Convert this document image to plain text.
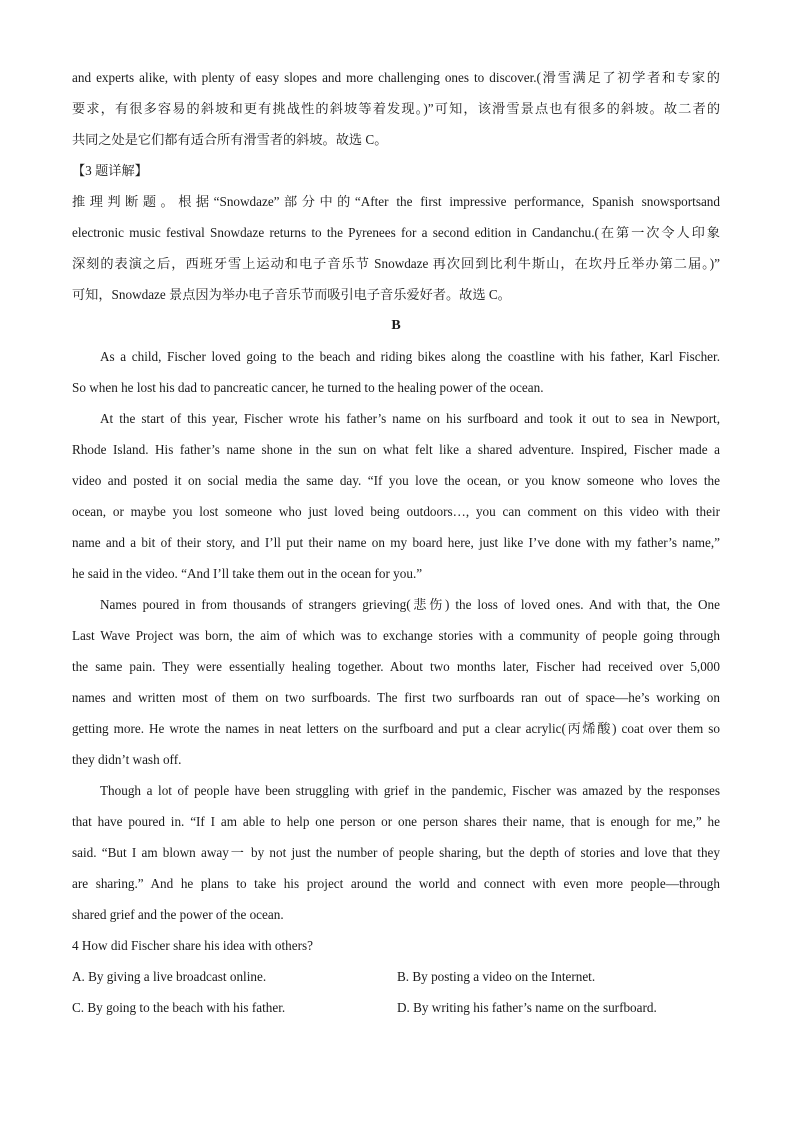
and experts alike, with plenty of easy slopes and more challenging ones to discover.(滑雪满足了初学者和专家的
要求，有很多容易的斜坡和更有挑战性的斜坡等着发现。)”可知，该滑雪景点也有很多的斜坡。故二者的
共同之处是它们都有适合所有滑雪者的斜坡。故选 C。
【3 题详解】
推理判断题。根据“Snowdaze”部分中的“After the first impressive performance, Spanish snowsportsand
electronic music festival Snowdaze returns to the Pyrenees for a second edition in Candanchu.(在第一次令人印象
深刻的表演之后，西班牙雪上运动和电子音乐节 Snowdaze 再次回到比利牛斯山，在坎丹丘举办第二届。)”
可知，Snowdaze 景点因为举办电子音乐节而吸引电子音乐爱好者。故选 C。
B
As a child, Fischer loved going to the beach and riding bikes along the coastline with his father, Karl Fischer.
So when he lost his dad to pancreatic cancer, he turned to the healing power of the ocean.
At the start of this year, Fischer wrote his father’s name on his surfboard and took it out to sea in Newport,
Rhode Island. His father’s name shone in the sun on what felt like a shared adventure. Inspired, Fischer made a
video and posted it on social media the same day. “If you love the ocean, or you know someone who loves the
ocean, or maybe you lost someone who just loved being outdoors…, you can comment on this video with their
name and a bit of their story, and I’ll put their name on my board here, just like I’ve done with my father’s name,”
he said in the video. “And I’ll take them out in the ocean for you.”
Names poured in from thousands of strangers grieving(悲伤) the loss of loved ones. And with that, the One
Last Wave Project was born, the aim of which was to exchange stories with a community of people going through
the same pain. They were essentially healing together. About two months later, Fischer had received over 5,000
names and written most of them on two surfboards. The first two surfboards ran out of space—he’s working on
getting more. He wrote the names in neat letters on the surfboard and put a clear acrylic(丙烯酸) coat over them so
they didn’t wash off.
Though a lot of people have been struggling with grief in the pandemic, Fischer was amazed by the responses
that have poured in. “If I am able to help one person or one person shares their name, that is enough for me,” he
said. “But I am blown away一 by not just the number of people sharing, but the depth of stories and love that they
are sharing.” And he plans to take his project around the world and connect with even more people—through
shared grief and the power of the ocean.
4 How did Fischer share his idea with others?
A. By giving a live broadcast online.	B. By posting a video on the Internet.
C. By going to the beach with his father.	D. By writing his father’s name on the surfboard.
